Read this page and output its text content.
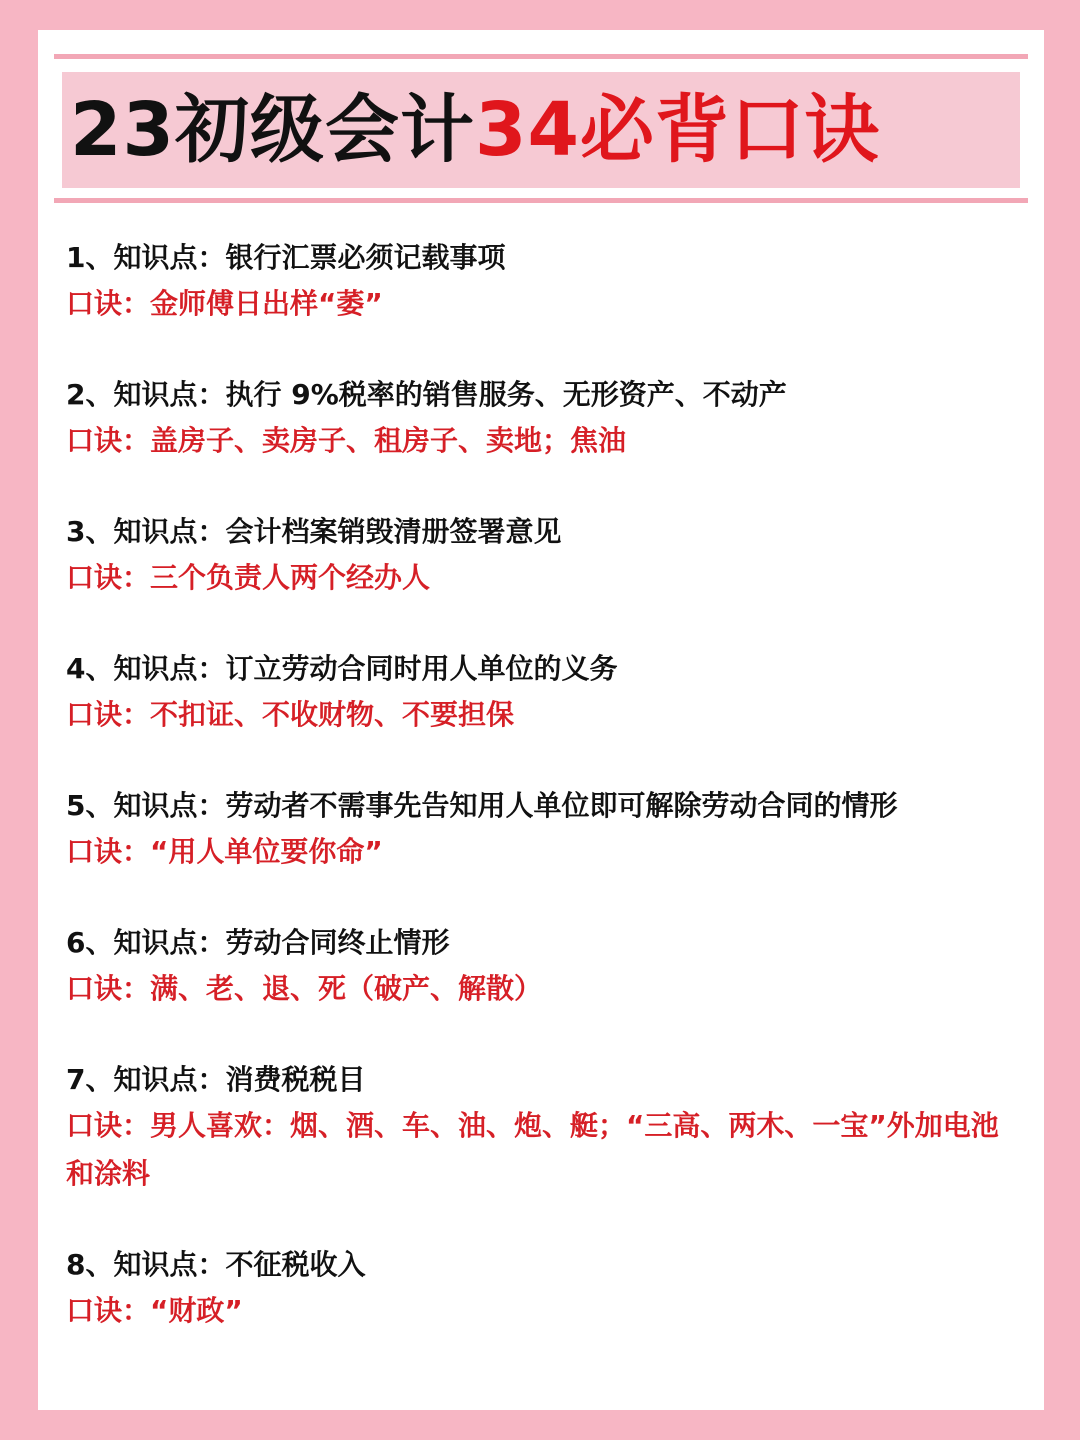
23初级会计34必背口诀
1、知识点：银行汇票必须记载事项
口诀：金师傅日出样“萎”
2、知识点：执行 9%税率的销售服务、无形资产、不动产
口诀：盖房子、卖房子、租房子、卖地；焦油
3、知识点：会计档案销毁清册签署意见
口诀：三个负责人两个经办人
4、知识点：订立劳动合同时用人单位的义务
口诀：不扣证、不收财物、不要担保
5、知识点：劳动者不需事先告知用人单位即可解除劳动合同的情形
口诀：“用人单位要你命”
6、知识点：劳动合同终止情形
口诀：满、老、退、死（破产、解散）
7、知识点：消费税税目
口诀：男人喜欢：烟、酒、车、油、炮、艇；“三高、两木、一宝”外加电池和涂料
8、知识点：不征税收入
口诀：“财政”
